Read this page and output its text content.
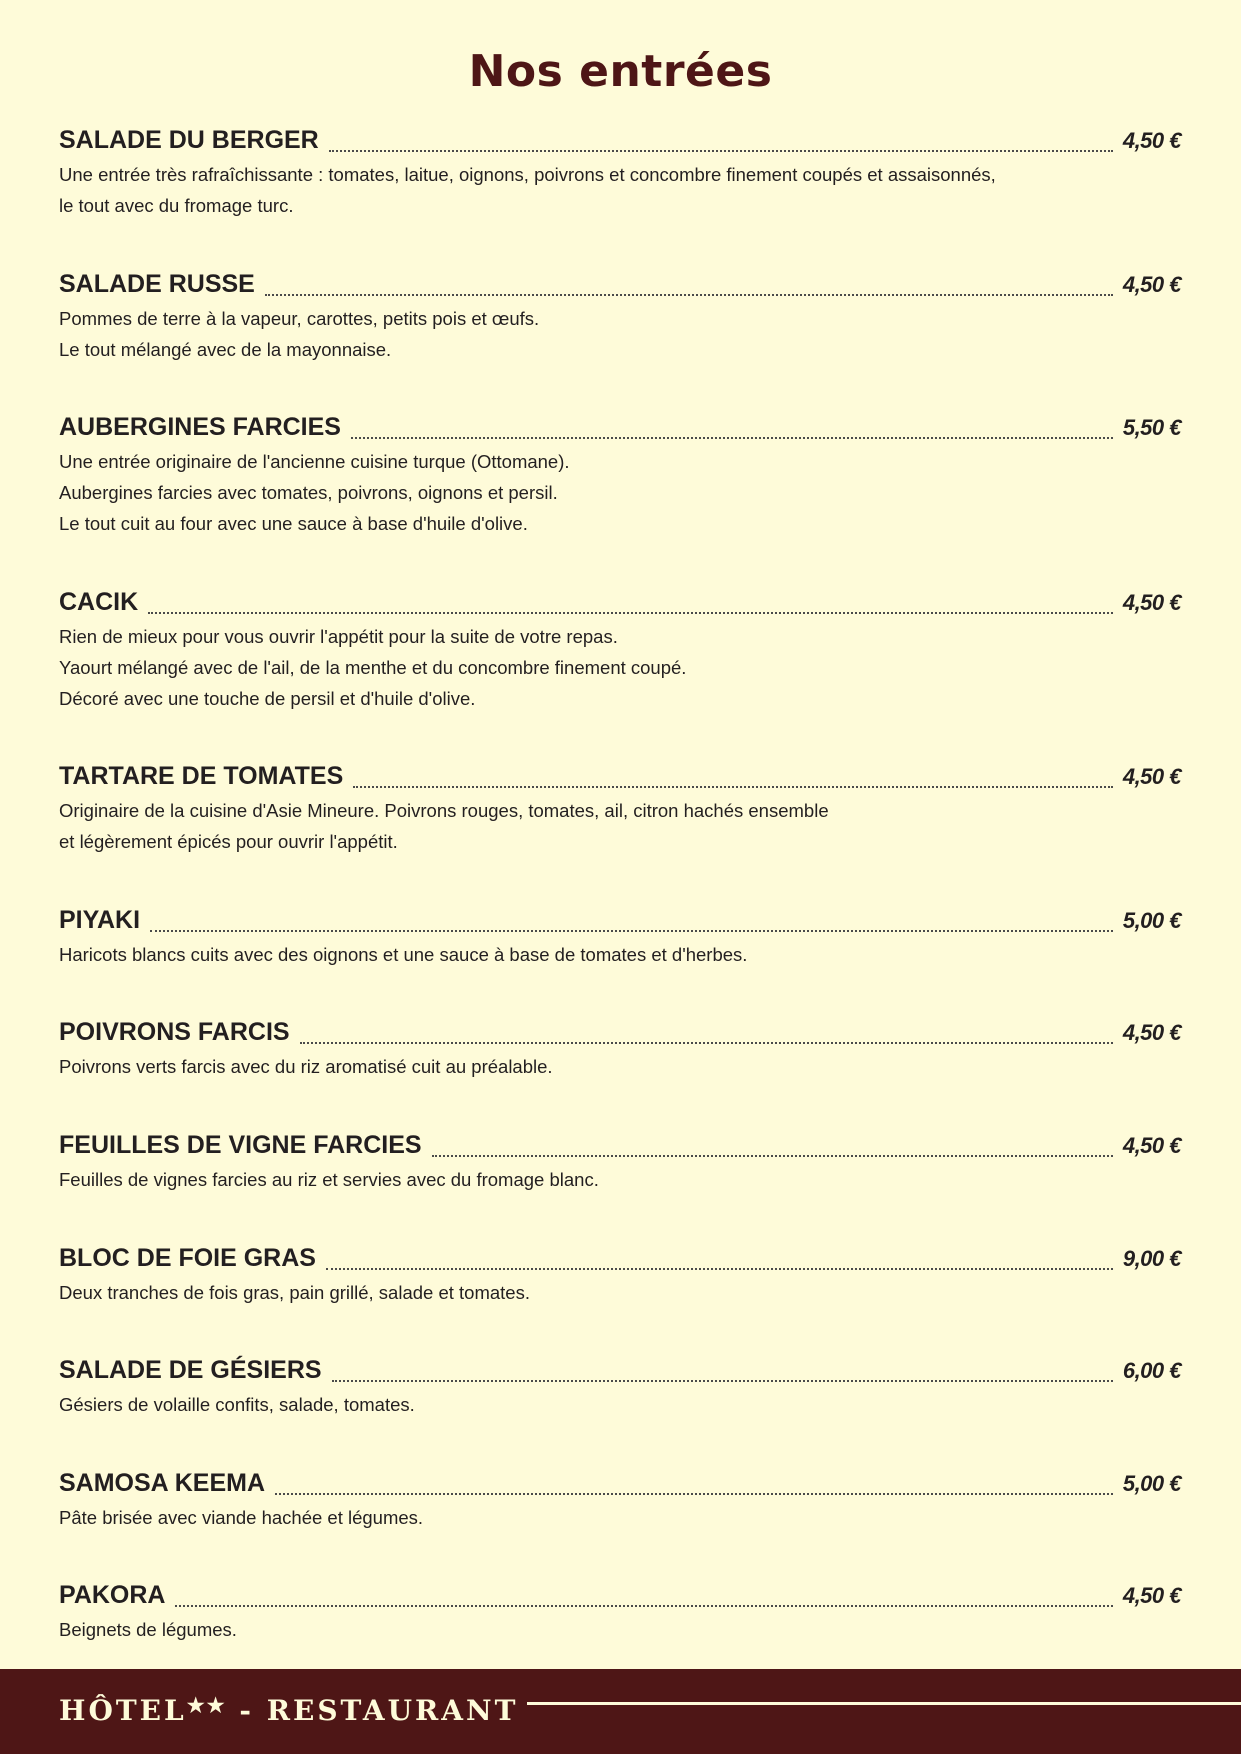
Nos entrées
SALADE DU BERGER	4,50 €
Une entrée très rafraîchissante : tomates, laitue, oignons, poivrons et concombre finement coupés et assaisonnés,
le tout avec du fromage turc.
SALADE RUSSE	4,50 €
Pommes de terre à la vapeur, carottes, petits pois et œufs.
Le tout mélangé avec de la mayonnaise.
AUBERGINES FARCIES	5,50 €
Une entrée originaire de l'ancienne cuisine turque (Ottomane).
Aubergines farcies avec tomates, poivrons, oignons et persil.
Le tout cuit au four avec une sauce à base d'huile d'olive.
CACIK	4,50 €
Rien de mieux pour vous ouvrir l'appétit pour la suite de votre repas.
Yaourt mélangé avec de l'ail, de la menthe et du concombre finement coupé.
Décoré avec une touche de persil et d'huile d'olive.
TARTARE DE TOMATES	4,50 €
Originaire de la cuisine d'Asie Mineure. Poivrons rouges, tomates, ail, citron hachés ensemble
et légèrement épicés pour ouvrir l'appétit.
PIYAKI	5,00 €
Haricots blancs cuits avec des oignons et une sauce à base de tomates et d'herbes.
POIVRONS FARCIS	4,50 €
Poivrons verts farcis avec du riz aromatisé cuit au préalable.
FEUILLES DE VIGNE FARCIES	4,50 €
Feuilles de vignes farcies au riz et servies avec du fromage blanc.
BLOC DE FOIE GRAS	9,00 €
Deux tranches de fois gras, pain grillé, salade et tomates.
SALADE DE GÉSIERS	6,00 €
Gésiers de volaille confits, salade, tomates.
SAMOSA KEEMA	5,00 €
Pâte brisée avec viande hachée et légumes.
PAKORA	4,50 €
Beignets de légumes.
HÔTEL★★ - RESTAURANT
